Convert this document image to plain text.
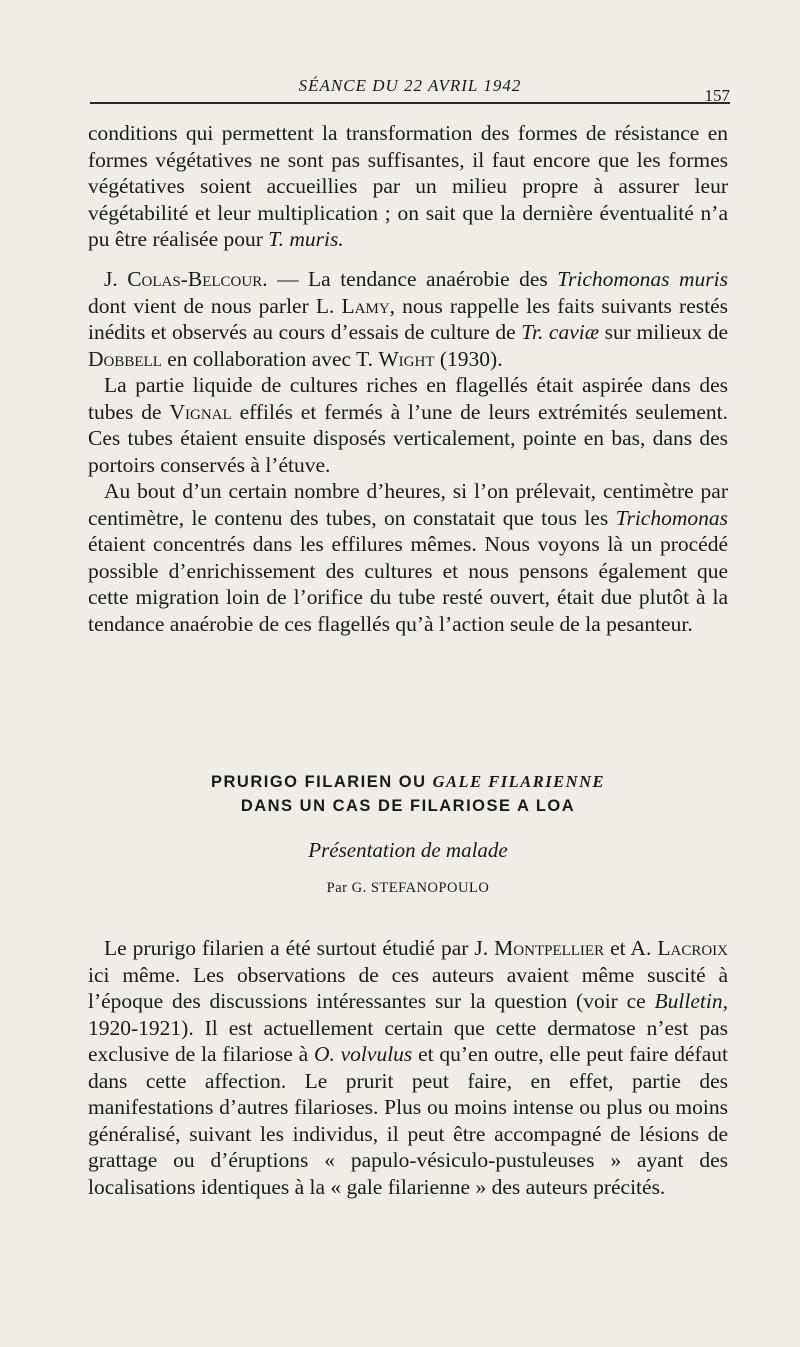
SÉANCE DU 22 AVRIL 1942
157

conditions qui permettent la transformation des formes de résistance en formes végétatives ne sont pas suffisantes, il faut encore que les formes végétatives soient accueillies par un milieu propre à assurer leur végétabilité et leur multiplication ; on sait que la dernière éventualité n’a pu être réalisée pour T. muris.

J. Colas-Belcour. — La tendance anaérobie des Trichomonas muris dont vient de nous parler L. Lamy, nous rappelle les faits suivants restés inédits et observés au cours d’essais de culture de Tr. caviæ sur milieux de Dobbell en collaboration avec T. Wight (1930).

La partie liquide de cultures riches en flagellés était aspirée dans des tubes de Vignal effilés et fermés à l’une de leurs extrémités seulement. Ces tubes étaient ensuite disposés verticalement, pointe en bas, dans des portoirs conservés à l’étuve.

Au bout d’un certain nombre d’heures, si l’on prélevait, centimètre par centimètre, le contenu des tubes, on constatait que tous les Trichomonas étaient concentrés dans les effilures mêmes. Nous voyons là un procédé possible d’enrichissement des cultures et nous pensons également que cette migration loin de l’orifice du tube resté ouvert, était due plutôt à la tendance anaérobie de ces flagellés qu’à l’action seule de la pesanteur.

PRURIGO FILARIEN OU GALE FILARIENNE
DANS UN CAS DE FILARIOSE A LOA
Présentation de malade
Par G. STEFANOPOULO

Le prurigo filarien a été surtout étudié par J. Montpellier et A. Lacroix ici même. Les observations de ces auteurs avaient même suscité à l’époque des discussions intéressantes sur la question (voir ce Bulletin, 1920-1921). Il est actuellement certain que cette dermatose n’est pas exclusive de la filariose à O. volvulus et qu’en outre, elle peut faire défaut dans cette affection. Le prurit peut faire, en effet, partie des manifestations d’autres filarioses. Plus ou moins intense ou plus ou moins généralisé, suivant les individus, il peut être accompagné de lésions de grattage ou d’éruptions « papulo-vésiculo-pustuleuses » ayant des localisations identiques à la « gale filarienne » des auteurs précités.
